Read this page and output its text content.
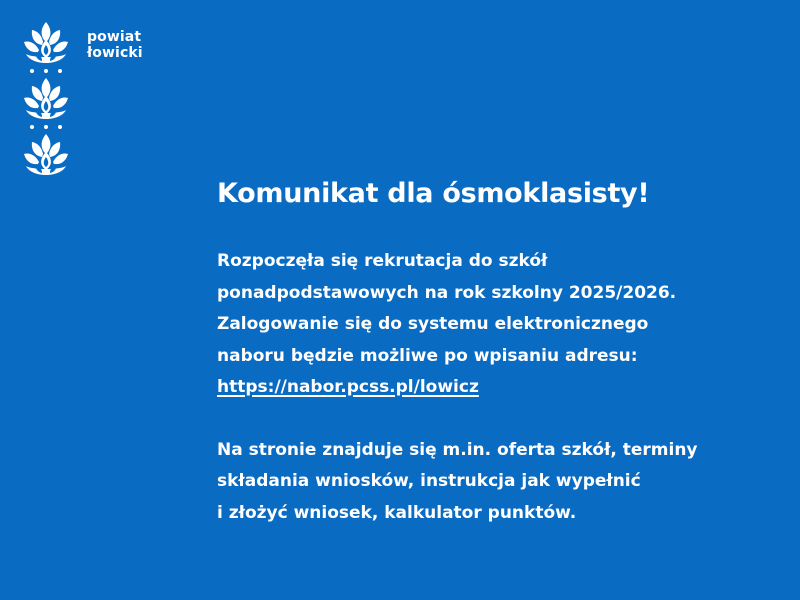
powiat
łowicki
Komunikat dla ósmoklasisty!

Rozpoczęła się rekrutacja do szkół
ponadpodstawowych na rok szkolny 2025/2026.
Zalogowanie się do systemu elektronicznego
naboru będzie możliwe po wpisaniu adresu:
https://nabor.pcss.pl/lowicz

Na stronie znajduje się m.in. oferta szkół, terminy
składania wniosków, instrukcja jak wypełnić
i złożyć wniosek, kalkulator punktów.
